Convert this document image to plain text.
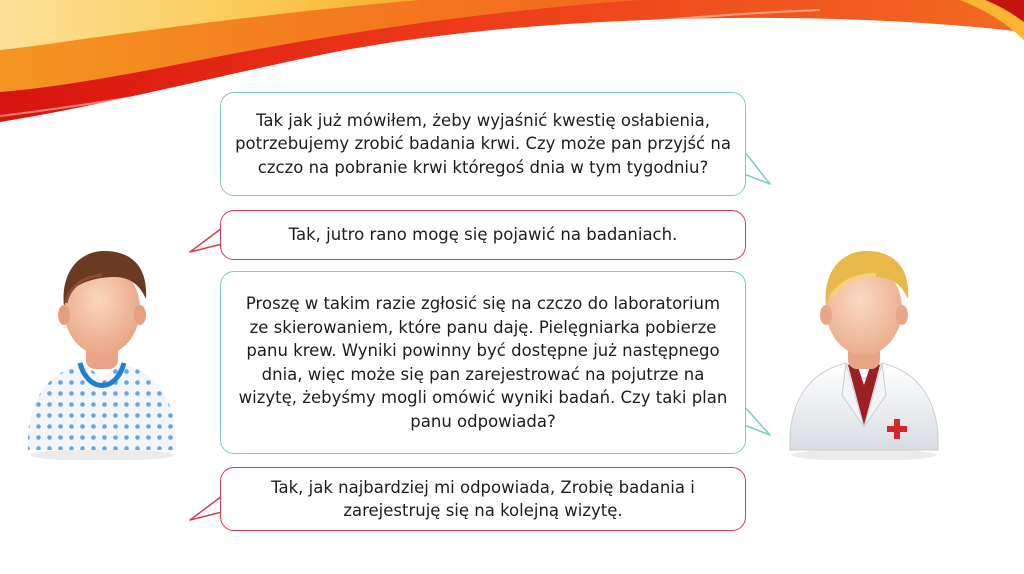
Tak jak już mówiłem, żeby wyjaśnić kwestię osłabienia, potrzebujemy zrobić badania krwi. Czy może pan przyjść na czczo na pobranie krwi któregoś dnia w tym tygodniu?
Tak, jutro rano mogę się pojawić na badaniach.
Proszę w takim razie zgłosić się na czczo do laboratorium ze skierowaniem, które panu daję. Pielęgniarka pobierze panu krew. Wyniki powinny być dostępne już następnego dnia, więc może się pan zarejestrować na pojutrze na wizytę, żebyśmy mogli omówić wyniki badań. Czy taki plan panu odpowiada?
Tak, jak najbardziej mi odpowiada, Zrobię badania i zarejestruję się na kolejną wizytę.
